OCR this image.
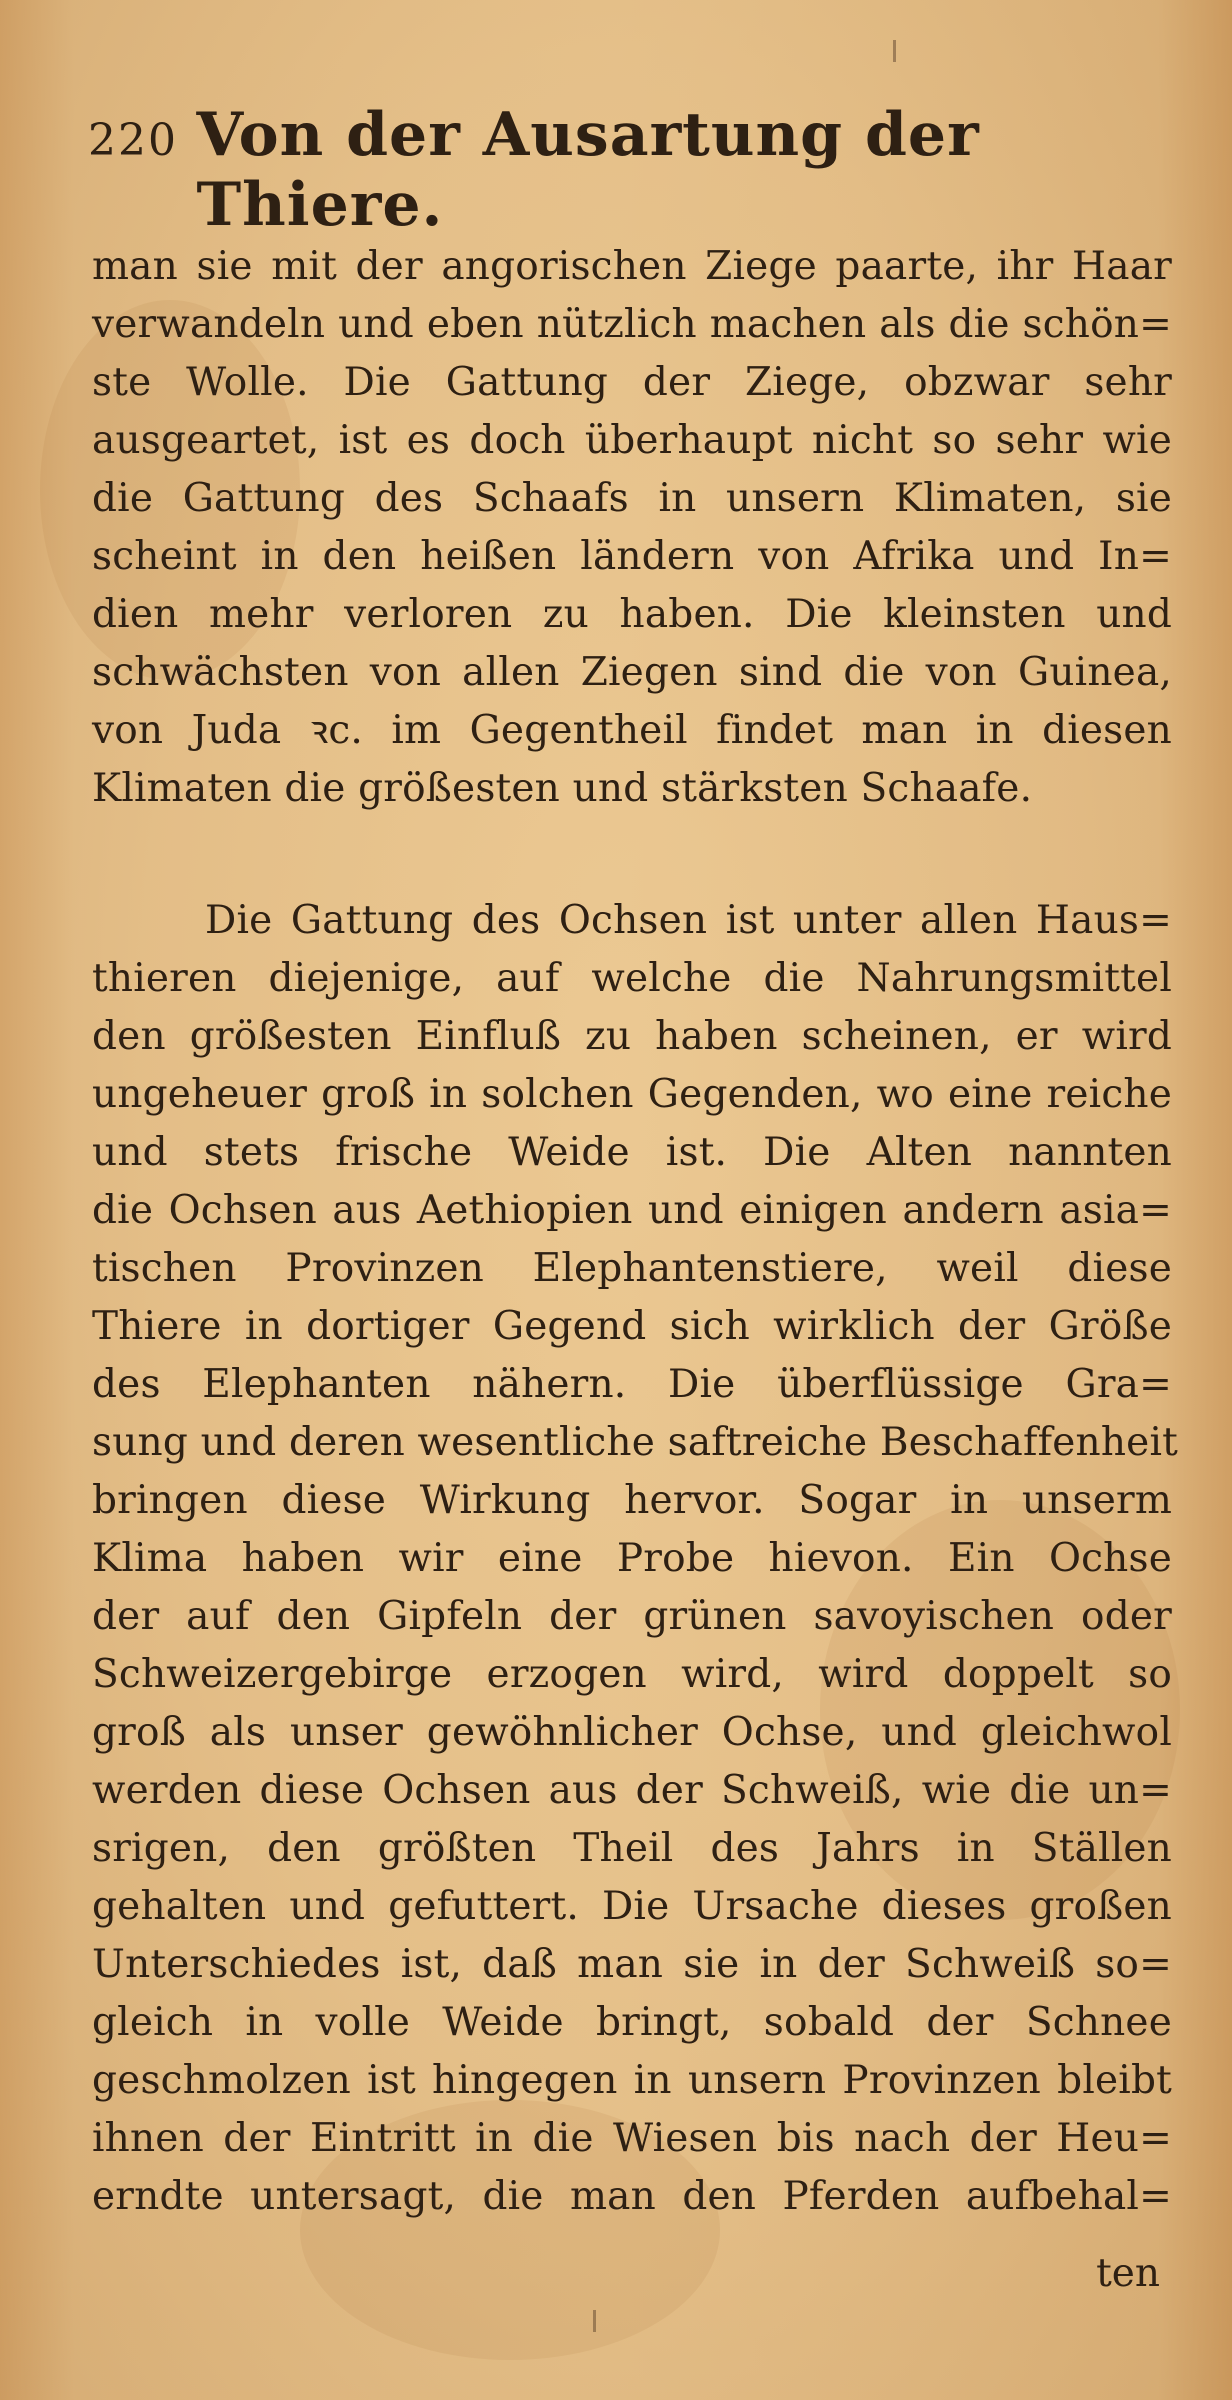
220 Von der Ausartung der Thiere.
man sie mit der angorischen Ziege paarte, ihr Haar
verwandeln und eben nützlich machen als die schön=
ste Wolle. Die Gattung der Ziege, obzwar sehr
ausgeartet, ist es doch überhaupt nicht so sehr wie
die Gattung des Schaafs in unsern Klimaten, sie
scheint in den heißen ländern von Afrika und In=
dien mehr verloren zu haben. Die kleinsten und
schwächsten von allen Ziegen sind die von Guinea,
von Juda ꝛc. im Gegentheil findet man in diesen
Klimaten die größesten und stärksten Schaafe.
Die Gattung des Ochsen ist unter allen Haus=
thieren diejenige, auf welche die Nahrungsmittel
den größesten Einfluß zu haben scheinen, er wird
ungeheuer groß in solchen Gegenden, wo eine reiche
und stets frische Weide ist. Die Alten nannten
die Ochsen aus Aethiopien und einigen andern asia=
tischen Provinzen Elephantenstiere, weil diese
Thiere in dortiger Gegend sich wirklich der Größe
des Elephanten nähern. Die überflüssige Gra=
sung und deren wesentliche saftreiche Beschaffenheit
bringen diese Wirkung hervor. Sogar in unserm
Klima haben wir eine Probe hievon. Ein Ochse
der auf den Gipfeln der grünen savoyischen oder
Schweizergebirge erzogen wird, wird doppelt so
groß als unser gewöhnlicher Ochse, und gleichwol
werden diese Ochsen aus der Schweiß, wie die un=
srigen, den größten Theil des Jahrs in Ställen
gehalten und gefuttert. Die Ursache dieses großen
Unterschiedes ist, daß man sie in der Schweiß so=
gleich in volle Weide bringt, sobald der Schnee
geschmolzen ist hingegen in unsern Provinzen bleibt
ihnen der Eintritt in die Wiesen bis nach der Heu=
erndte untersagt, die man den Pferden aufbehal=
ten
